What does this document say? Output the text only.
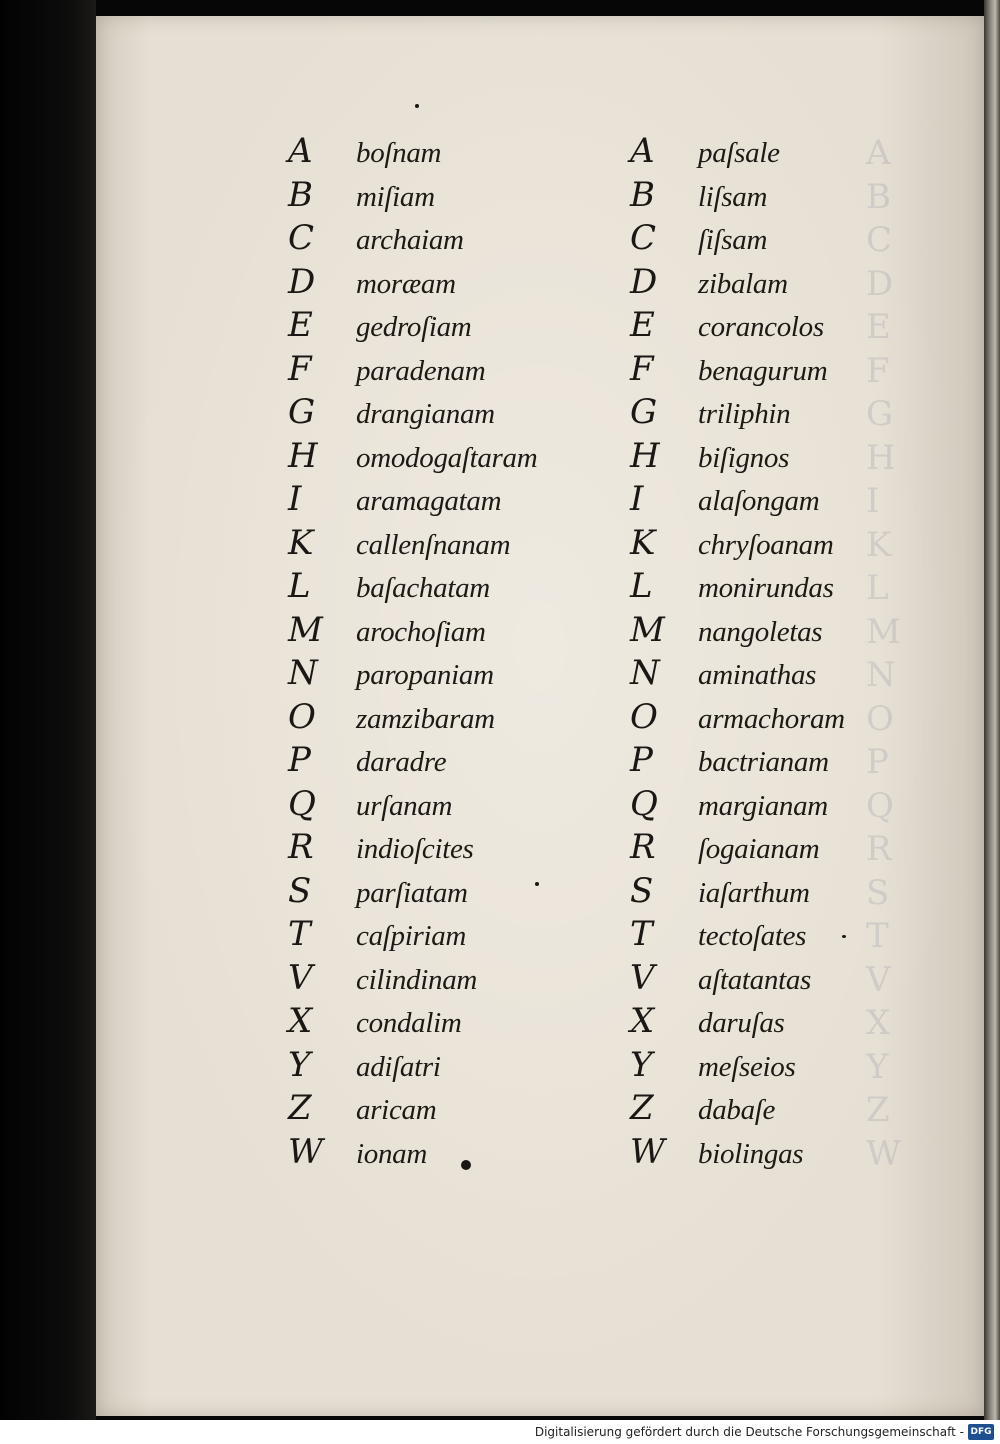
A
B
C
D
E
F
G
H
I
K
L
M
N
O
P
Q
R
S
T
V
X
Y
Z
W
A	boſnam
B	miſiam
C	archaiam
D	moræam
E	gedroſiam
F	paradenam
G	drangianam
H	omodogaſtaram
I	aramagatam
K	callenſnanam
L	baſachatam
M	arochoſiam
N	paropaniam
O	zamzibaram
P	daradre
Q	urſanam
R	indioſcites
S	parſiatam
T	caſpiriam
V	cilindinam
X	condalim
Y	adiſatri
Z	aricam
W	ionam
A	paſsale
B	liſsam
C	ſiſsam
D	zibalam
E	corancolos
F	benagurum
G	triliphin
H	biſignos
I	alaſongam
K	chryſoanam
L	monirundas
M	nangoletas
N	aminathas
O	armachoram
P	bactrianam
Q	margianam
R	ſogaianam
S	iaſarthum
T	tectoſates
V	aſtatantas
X	daruſas
Y	meſseios
Z	dabaſe
W	biolingas
Digitalisierung gefördert durch die Deutsche Forschungsgemeinschaft - DFG
